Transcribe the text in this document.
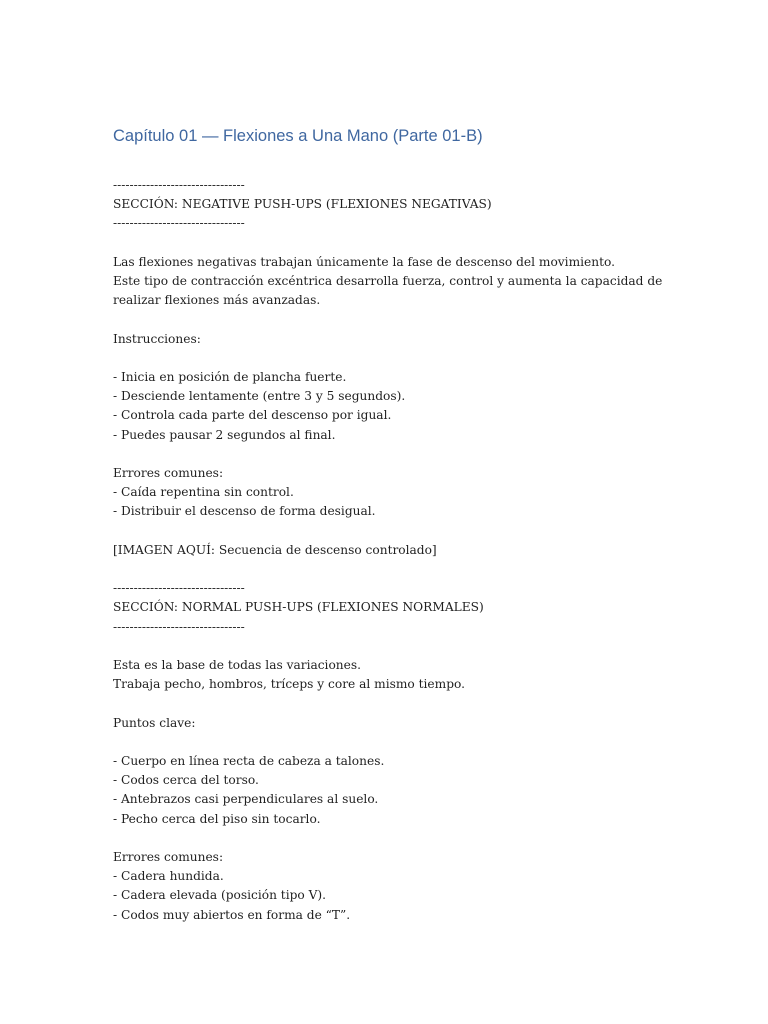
Capítulo 01 — Flexiones a Una Mano (Parte 01-B)
--------------------------------
SECCIÓN: NEGATIVE PUSH-UPS (FLEXIONES NEGATIVAS)
--------------------------------
Las flexiones negativas trabajan únicamente la fase de descenso del movimiento.
Este tipo de contracción excéntrica desarrolla fuerza, control y aumenta la capacidad de
realizar flexiones más avanzadas.
Instrucciones:
- Inicia en posición de plancha fuerte.
- Desciende lentamente (entre 3 y 5 segundos).
- Controla cada parte del descenso por igual.
- Puedes pausar 2 segundos al final.
Errores comunes:
- Caída repentina sin control.
- Distribuir el descenso de forma desigual.
[IMAGEN AQUÍ: Secuencia de descenso controlado]
--------------------------------
SECCIÓN: NORMAL PUSH-UPS (FLEXIONES NORMALES)
--------------------------------
Esta es la base de todas las variaciones.
Trabaja pecho, hombros, tríceps y core al mismo tiempo.
Puntos clave:
- Cuerpo en línea recta de cabeza a talones.
- Codos cerca del torso.
- Antebrazos casi perpendiculares al suelo.
- Pecho cerca del piso sin tocarlo.
Errores comunes:
- Cadera hundida.
- Cadera elevada (posición tipo V).
- Codos muy abiertos en forma de “T”.
